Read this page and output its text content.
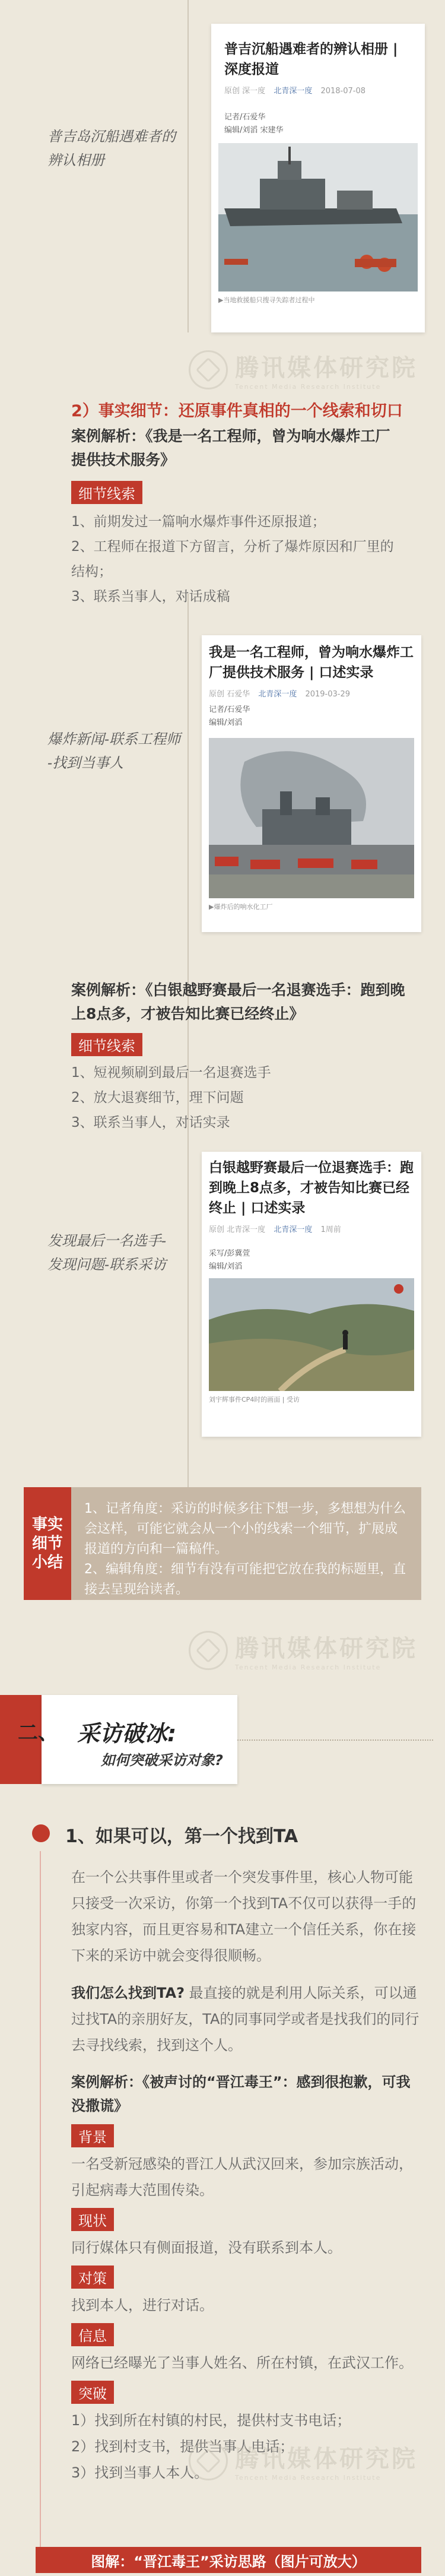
普吉沉船遇难者的辨认相册 | 深度报道
原创 深一度 北青深一度 2018-07-08
记者/石爱华
编辑/刘滔 宋建华
▶当地救援船只搜寻失踪者过程中
普吉岛沉船遇难者的
辨认相册
腾讯媒体研究院
Tencent Media Research Institute
2）事实细节：还原事件真相的一个线索和切口
案例解析：《我是一名工程师，曾为响水爆炸工厂提供技术服务》
细节线索
1、前期发过一篇响水爆炸事件还原报道；
2、工程师在报道下方留言，分析了爆炸原因和厂里的结构；
3、联系当事人，对话成稿
我是一名工程师，曾为响水爆炸工厂提供技术服务 | 口述实录
原创 石爱华 北青深一度 2019-03-29
记者/石爱华
编辑/刘滔
▶爆炸后的响水化工厂
爆炸新闻-联系工程师
-找到当事人
案例解析：《白银越野赛最后一名退赛选手：跑到晚上8点多，才被告知比赛已经终止》
细节线索
1、短视频刷到最后一名退赛选手
2、放大退赛细节，理下问题
3、联系当事人，对话实录
白银越野赛最后一位退赛选手：跑到晚上8点多，才被告知比赛已经终止 | 口述实录
原创 北青深一度 北青深一度 1周前
采写/彭冀萱
编辑/刘滔
刘宇辉事件CP4时的画面 | 受访
发现最后一名选手-
发现问题-联系采访
事实细节小结
1、记者角度：采访的时候多往下想一步，多想想为什么会这样，可能它就会从一个小的线索一个细节，扩展成报道的方向和一篇稿件。
2、编辑角度：细节有没有可能把它放在我的标题里，直接去呈现给读者。
腾讯媒体研究院
Tencent Media Research Institute
二、 采访破冰:
如何突破采访对象?
1、如果可以，第一个找到TA
在一个公共事件里或者一个突发事件里，核心人物可能只接受一次采访，你第一个找到TA不仅可以获得一手的独家内容，而且更容易和TA建立一个信任关系，你在接下来的采访中就会变得很顺畅。
我们怎么找到TA? 最直接的就是利用人际关系，可以通过找TA的亲朋好友，TA的同事同学或者是找我们的同行去寻找线索，找到这个人。
案例解析：《被声讨的“晋江毒王”：感到很抱歉，可我没撒谎》
背景
一名受新冠感染的晋江人从武汉回来，参加宗族活动，引起病毒大范围传染。
现状
同行媒体只有侧面报道，没有联系到本人。
对策
找到本人，进行对话。
信息
网络已经曝光了当事人姓名、所在村镇，在武汉工作。
突破
1）找到所在村镇的村民，提供村支书电话；
2）找到村支书，提供当事人电话；
3）找到当事人本人。	腾讯媒体研究院
Tencent Media Research Institute
图解：“晋江毒王”采访思路（图片可放大）
